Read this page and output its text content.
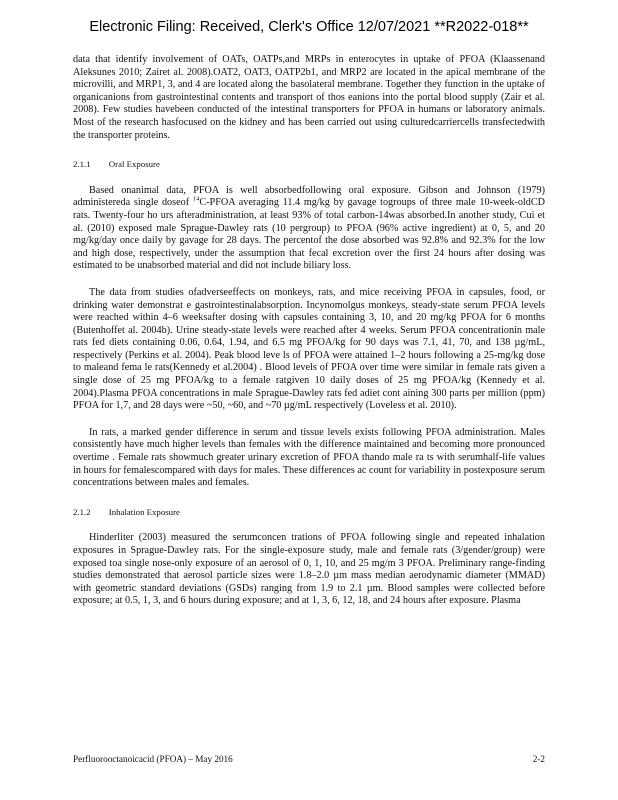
Electronic Filing: Received, Clerk's Office 12/07/2021 **R2022-018**

data that identify involvement of OATs, OATPs,and MRPs in enterocytes in uptake of PFOA (Klaassenand Aleksunes 2010; Zairet al. 2008).OAT2, OAT3, OATP2b1, and MRP2 are located in the apical membrane of the microvilli, and MRP1, 3, and 4 are located along the basolateral membrane. Together they function in the uptake of organicanions from gastrointestinal contents and transport of thos eanions into the portal blood supply (Zair et al. 2008). Few studies havebeen conducted of the intestinal transporters for PFOA in humans or laboratory animals. Most of the research hasfocused on the kidney and has been carried out using culturedcarriercells transfectedwith the transporter proteins.

2.1.1 Oral Exposure

Based onanimal data, PFOA is well absorbedfollowing oral exposure. Gibson and Johnson (1979) administereda single doseof $^{14}$C-PFOA averaging 11.4 mg/kg by gavage togroups of three male 10-week-oldCD rats. Twenty-four ho urs afteradministration, at least 93% of total carbon-14was absorbed.In another study, Cui et al. (2010) exposed male Sprague-Dawley rats (10 pergroup) to PFOA (96% active ingredient) at 0, 5, and 20 mg/kg/day once daily by gavage for 28 days. The percentof the dose absorbed was 92.8% and 92.3% for the low and high dose, respectively, under the assumption that fecal excretion over the first 24 hours after dosing was estimated to be unabsorbed material and did not include biliary loss.

The data from studies ofadverseeffects on monkeys, rats, and mice receiving PFOA in capsules, food, or drinking water demonstrat e gastrointestinalabsorption. Incynomolgus monkeys, steady-state serum PFOA levels were reached within 4–6 weeksafter dosing with capsules containing 3, 10, and 20 mg/kg PFOA for 6 months (Butenhoffet al. 2004b). Urine steady-state levels were reached after 4 weeks. Serum PFOA concentrationin male rats fed diets containing 0.06, 0.64, 1.94, and 6.5 mg PFOA/kg for 90 days was 7.1, 41, 70, and 138 µg/mL, respectively (Perkins et al. 2004). Peak blood leve ls of PFOA were attained 1–2 hours following a 25-mg/kg dose to maleand fema le rats(Kennedy et al.2004) . Blood levels of PFOA over time were similar in female rats given a single dose of 25 mg PFOA/kg to a female ratgiven 10 daily doses of 25 mg PFOA/kg (Kennedy et al. 2004).Plasma PFOA concentrations in male Sprague-Dawley rats fed adiet cont aining 300 parts per million (ppm) PFOA for 1,7, and 28 days were ~50, ~60, and ~70 µg/mL respectively (Loveless et al. 2010).

In rats, a marked gender difference in serum and tissue levels exists following PFOA administration. Males consistently have much higher levels than females with the difference maintained and becoming more pronounced overtime . Female rats showmuch greater urinary excretion of PFOA thando male ra ts with serumhalf-life values in hours for femalescompared with days for males. These differences ac count for variability in postexposure serum concentrations between males and females.

2.1.2 Inhalation Exposure

Hinderliter (2003) measured the serumconcen trations of PFOA following single and repeated inhalation exposures in Sprague-Dawley rats. For the single-exposure study, male and female rats (3/gender/group) were exposed toa single nose-only exposure of an aerosol of 0, 1, 10, and 25 mg/m 3 PFOA. Preliminary range-finding studies demonstrated that aerosol particle sizes were 1.8–2.0 µm mass median aerodynamic diameter (MMAD) with geometric standard deviations (GSDs) ranging from 1.9 to 2.1 µm. Blood samples were collected before exposure; at 0.5, 1, 3, and 6 hours during exposure; and at 1, 3, 6, 12, 18, and 24 hours after exposure. Plasma

Perfluorooctanoicacid (PFOA) – May 2016	2-2
